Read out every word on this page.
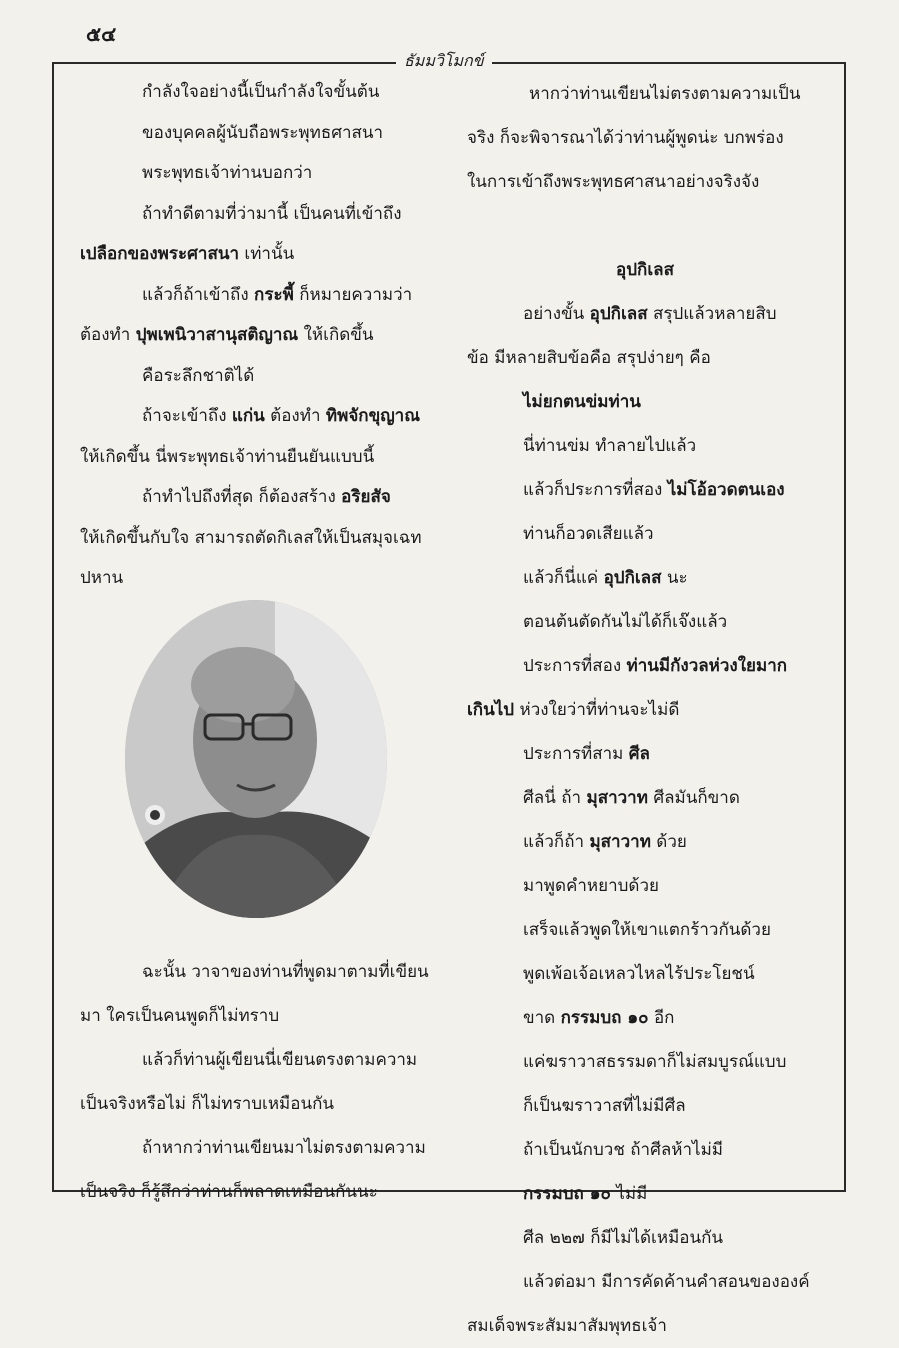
๕๔
ธัมมวิโมกข์
กำลังใจอย่างนี้เป็นกำลังใจขั้นต้น
ของบุคคลผู้นับถือพระพุทธศาสนา
พระพุทธเจ้าท่านบอกว่า
ถ้าทำดีตามที่ว่ามานี้ เป็นคนที่เข้าถึง
เปลือกของพระศาสนา เท่านั้น
แล้วก็ถ้าเข้าถึง กระพี้ ก็หมายความว่า
ต้องทำ ปุพเพนิวาสานุสติญาณ ให้เกิดขึ้น
คือระลึกชาติได้
ถ้าจะเข้าถึง แก่น ต้องทำ ทิพจักขุญาณ
ให้เกิดขึ้น นี่พระพุทธเจ้าท่านยืนยันแบบนี้
ถ้าทำไปถึงที่สุด ก็ต้องสร้าง อริยสัจ
ให้เกิดขึ้นกับใจ สามารถตัดกิเลสให้เป็นสมุจเฉท
ปหาน
ฉะนั้น วาจาของท่านที่พูดมาตามที่เขียน
มา ใครเป็นคนพูดก็ไม่ทราบ
แล้วก็ท่านผู้เขียนนี่เขียนตรงตามความ
เป็นจริงหรือไม่ ก็ไม่ทราบเหมือนกัน
ถ้าหากว่าท่านเขียนมาไม่ตรงตามความ
เป็นจริง ก็รู้สึกว่าท่านก็พลาดเหมือนกันนะ
หากว่าท่านเขียนไม่ตรงตามความเป็น
จริง ก็จะพิจารณาได้ว่าท่านผู้พูดน่ะ บกพร่อง
ในการเข้าถึงพระพุทธศาสนาอย่างจริงจัง
อุปกิเลส
อย่างขั้น อุปกิเลส สรุปแล้วหลายสิบ
ข้อ มีหลายสิบข้อคือ สรุปง่ายๆ คือ
ไม่ยกตนข่มท่าน
นี่ท่านข่ม ทำลายไปแล้ว
แล้วก็ประการที่สอง ไม่โอ้อวดตนเอง
ท่านก็อวดเสียแล้ว
แล้วก็นี่แค่ อุปกิเลส นะ
ตอนต้นตัดกันไม่ได้ก็เจ๊งแล้ว
ประการที่สอง ท่านมีกังวลห่วงใยมาก
เกินไป ห่วงใยว่าที่ท่านจะไม่ดี
ประการที่สาม ศีล
ศีลนี่ ถ้า มุสาวาท ศีลมันก็ขาด
แล้วก็ถ้า มุสาวาท ด้วย
มาพูดคำหยาบด้วย
เสร็จแล้วพูดให้เขาแตกร้าวกันด้วย
พูดเพ้อเจ้อเหลวไหลไร้ประโยชน์
ขาด กรรมบถ ๑๐ อีก
แค่ฆราวาสธรรมดาก็ไม่สมบูรณ์แบบ
ก็เป็นฆราวาสที่ไม่มีศีล
ถ้าเป็นนักบวช ถ้าศีลห้าไม่มี
กรรมบถ ๑๐ ไม่มี
ศีล ๒๒๗ ก็มีไม่ได้เหมือนกัน
แล้วต่อมา มีการคัดค้านคำสอนขององค์
สมเด็จพระสัมมาสัมพุทธเจ้า
